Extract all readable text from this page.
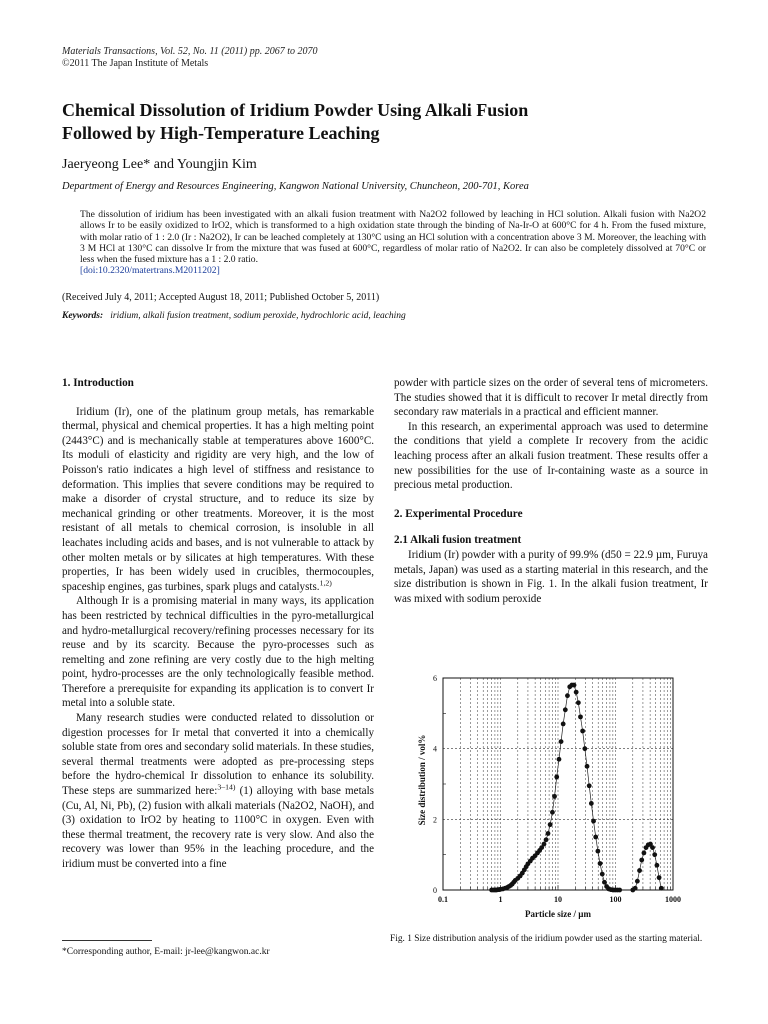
Materials Transactions, Vol. 52, No. 11 (2011) pp. 2067 to 2070
©2011 The Japan Institute of Metals
Chemical Dissolution of Iridium Powder Using Alkali Fusion
Followed by High-Temperature Leaching
Jaeryeong Lee* and Youngjin Kim
Department of Energy and Resources Engineering, Kangwon National University, Chuncheon, 200-701, Korea
The dissolution of iridium has been investigated with an alkali fusion treatment with Na2O2 followed by leaching in HCl solution. Alkali fusion with Na2O2 allows Ir to be easily oxidized to IrO2, which is transformed to a high oxidation state through the binding of Na-Ir-O at 600°C for 4 h. From the fused mixture, with molar ratio of 1 : 2.0 (Ir : Na2O2), Ir can be leached completely at 130°C using an HCl solution with a concentration above 3 M. Moreover, the leaching with 3 M HCl at 130°C can dissolve Ir from the mixture that was fused at 600°C, regardless of molar ratio of Na2O2. Ir can also be completely dissolved at 70°C or less when the fused mixture has a 1 : 2.0 ratio.
[doi:10.2320/matertrans.M2011202]
(Received July 4, 2011; Accepted August 18, 2011; Published October 5, 2011)
Keywords: iridium, alkali fusion treatment, sodium peroxide, hydrochloric acid, leaching
1. Introduction

Iridium (Ir), one of the platinum group metals, has remarkable thermal, physical and chemical properties. It has a high melting point (2443°C) and is mechanically stable at temperatures above 1600°C. Its moduli of elasticity and rigidity are very high, and the low of Poisson's ratio indicates a high level of stiffness and resistance to deformation. This implies that severe conditions may be required to make a disorder of crystal structure, and to reduce its size by mechanical grinding or other treatments. Moreover, it is the most resistant of all metals to chemical corrosion, is insoluble in all leachates including acids and bases, and is not vulnerable to attack by other molten metals or by silicates at high temperatures. With these properties, Ir has been widely used in crucibles, thermocouples, spaceship engines, gas turbines, spark plugs and catalysts.$^{1,2)}$

Although Ir is a promising material in many ways, its application has been restricted by technical difficulties in the pyro-metallurgical and hydro-metallurgical recovery/refining processes necessary for its reuse and by its scarcity. Because the pyro-processes such as remelting and zone refining are very costly due to the high melting point, hydro-processes are the only technologically feasible method. Therefore a prerequisite for expanding its application is to convert Ir metal into a soluble state.

Many research studies were conducted related to dissolution or digestion processes for Ir metal that converted it into a chemically soluble state from ores and secondary solid materials. In these studies, several thermal treatments were adopted as pre-processing steps before the hydro-chemical Ir dissolution to enhance its solubility. These steps are summarized here:$^{3-14)}$ (1) alloying with base metals (Cu, Al, Ni, Pb), (2) fusion with alkali materials (Na2O2, NaOH), and (3) oxidation to IrO2 by heating to 1100°C in oxygen. Even with these thermal treatment, the recovery rate is very slow. And also the recovery was lower than 95% in the leaching procedure, and the iridium must be converted into a fine

powder with particle sizes on the order of several tens of micrometers. The studies showed that it is difficult to recover Ir metal directly from secondary raw materials in a practical and efficient manner.

In this research, an experimental approach was used to determine the conditions that yield a complete Ir recovery from the acidic leaching process after an alkali fusion treatment. These results offer a new possibilities for the use of Ir-containing waste as a source in precious metal production.

2. Experimental Procedure
2.1 Alkali fusion treatment

Iridium (Ir) powder with a purity of 99.9% (d50 = 22.9 µm, Furuya metals, Japan) was used as a starting material in this research, and the size distribution is shown in Fig. 1. In the alkali fusion treatment, Ir was mixed with sodium peroxide

0
2
4
6
0.1	1	10	100	1000
Size distribution / vol%
Particle size / µm
Fig. 1 Size distribution analysis of the iridium powder used as the starting material.
*Corresponding author, E-mail: jr-lee@kangwon.ac.kr
